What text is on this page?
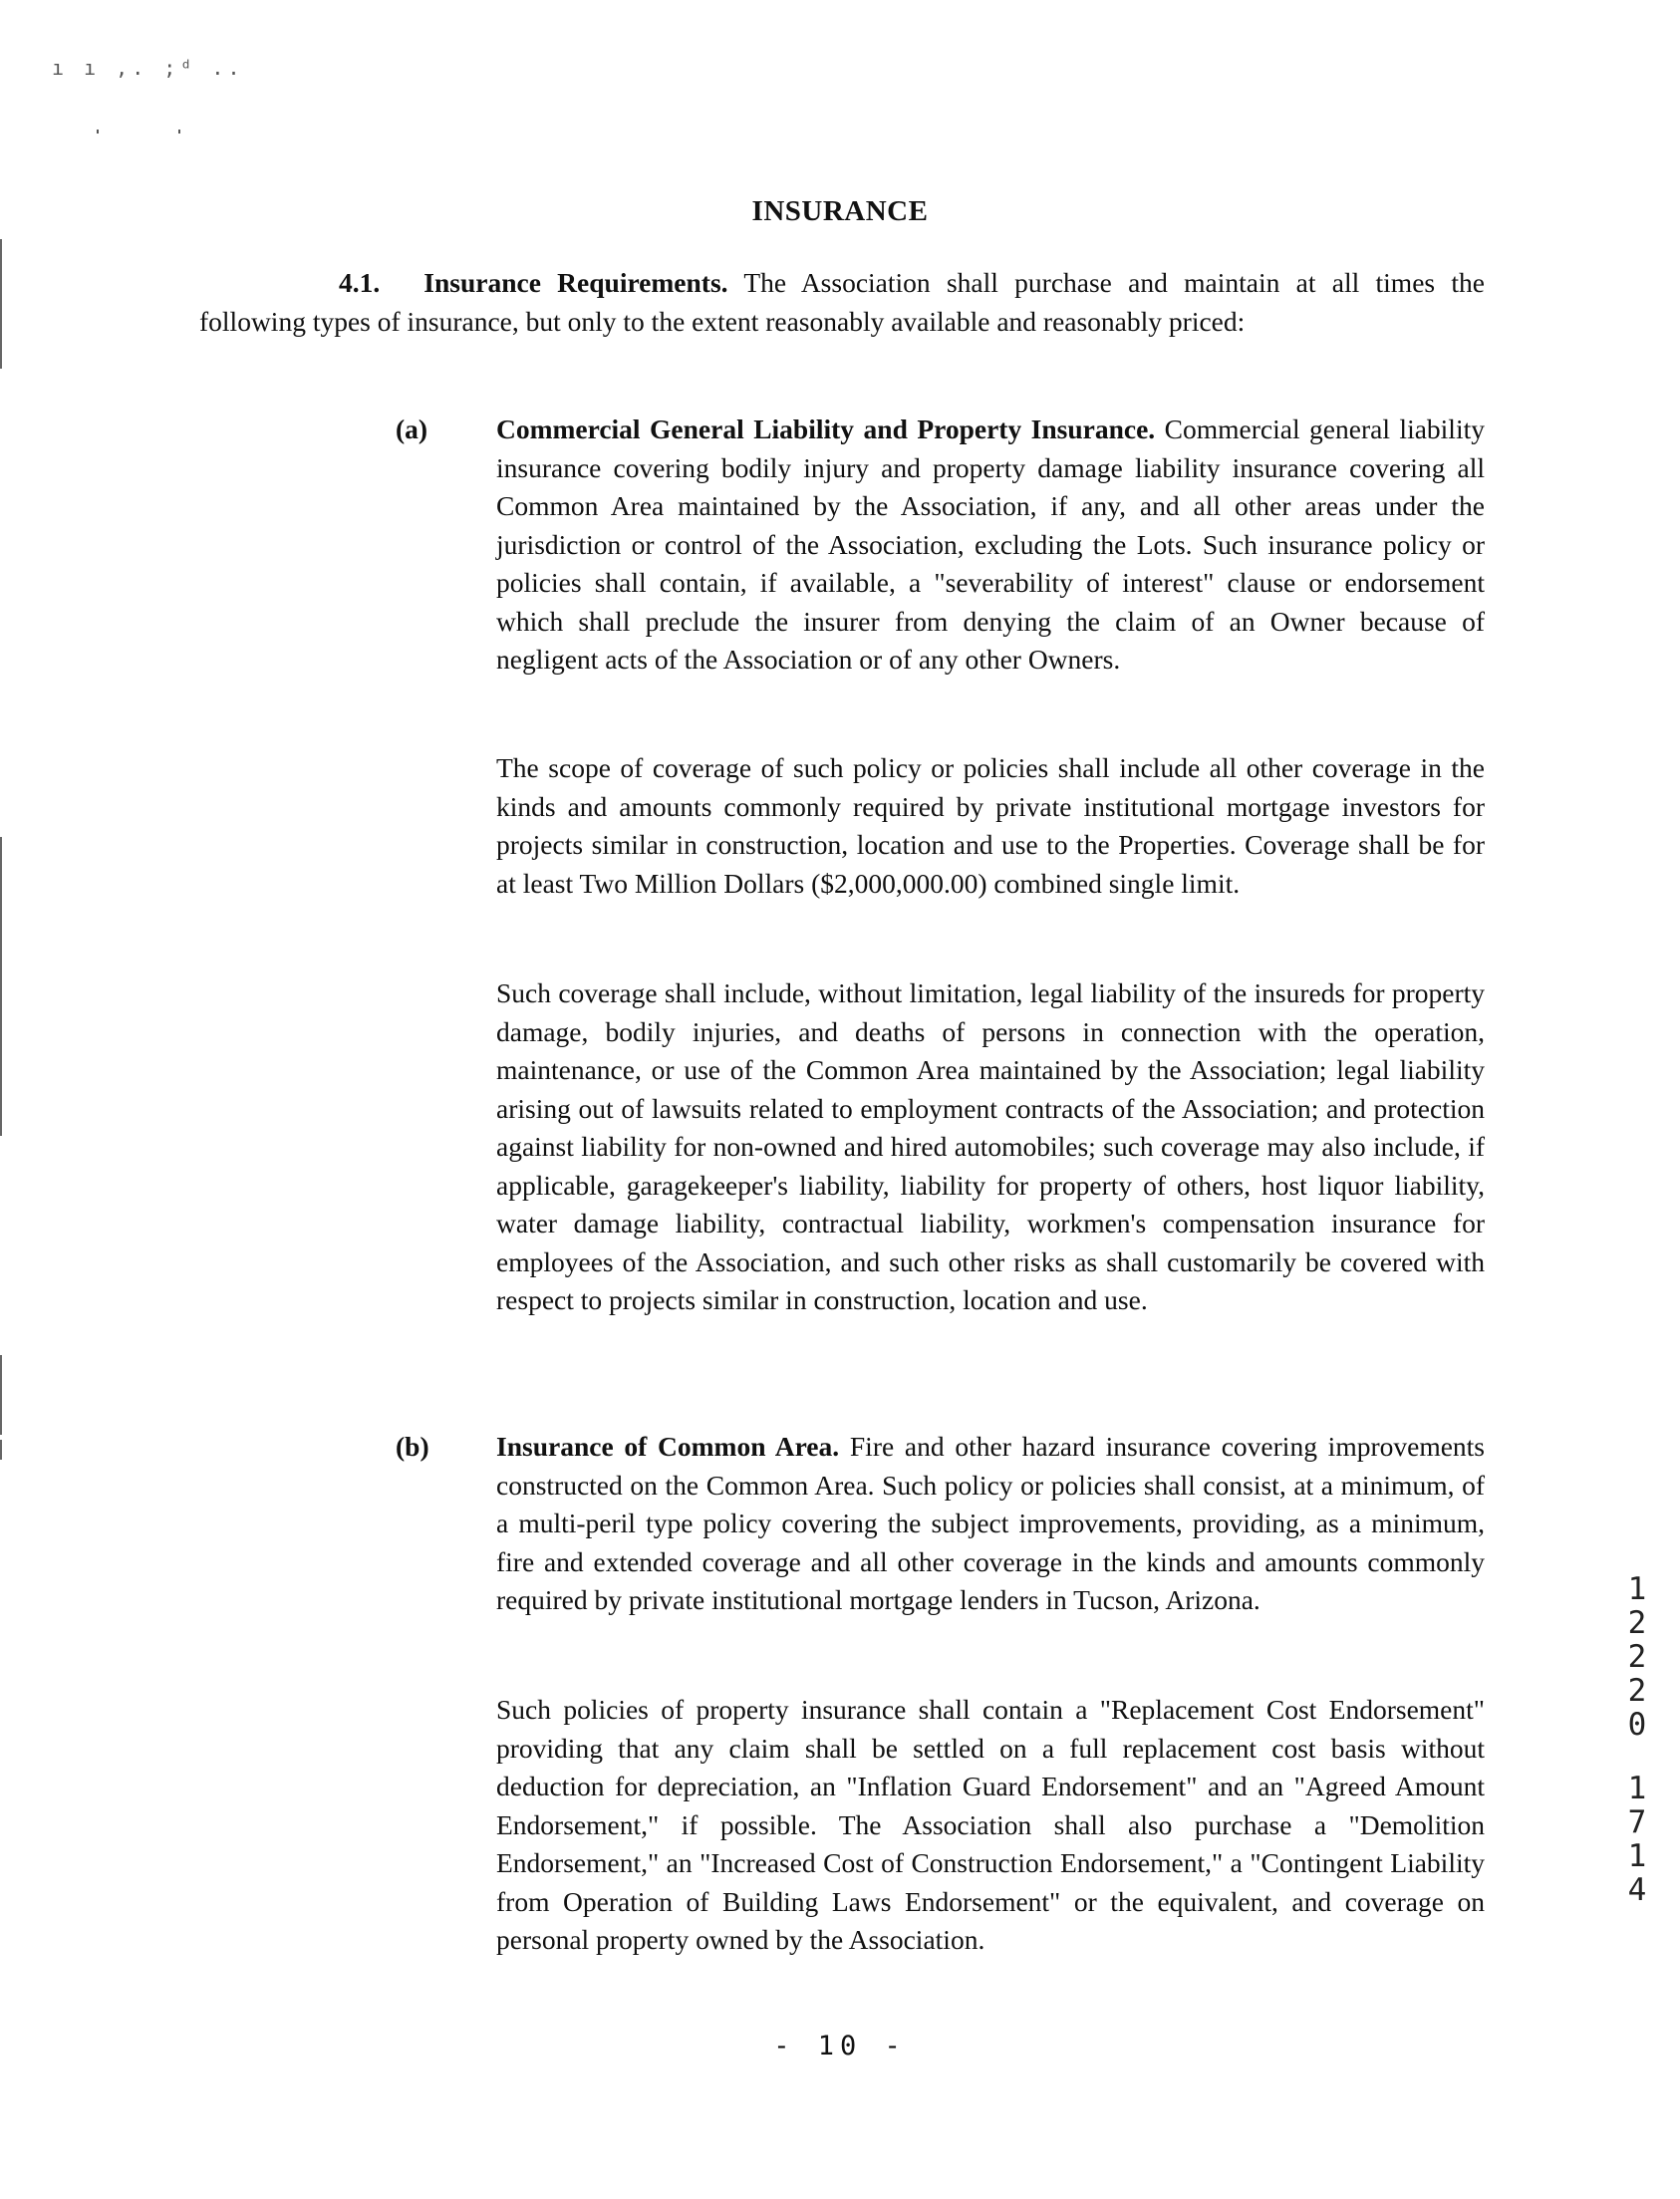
ı ı ,. ;ᵈ ..
INSURANCE

4.1. Insurance Requirements. The Association shall purchase and maintain at all times the following types of insurance, but only to the extent reasonably available and reasonably priced:

(a)	Commercial General Liability and Property Insurance. Commercial general liability insurance covering bodily injury and property damage liability insurance covering all Common Area maintained by the Association, if any, and all other areas under the jurisdiction or control of the Association, excluding the Lots. Such insurance policy or policies shall contain, if available, a "severability of interest" clause or endorsement which shall preclude the insurer from denying the claim of an Owner because of negligent acts of the Association or of any other Owners.

The scope of coverage of such policy or policies shall include all other coverage in the kinds and amounts commonly required by private institutional mortgage investors for projects similar in construction, location and use to the Properties. Coverage shall be for at least Two Million Dollars ($2,000,000.00) combined single limit.

Such coverage shall include, without limitation, legal liability of the insureds for property damage, bodily injuries, and deaths of persons in connection with the operation, maintenance, or use of the Common Area maintained by the Association; legal liability arising out of lawsuits related to employment contracts of the Association; and protection against liability for non-owned and hired automobiles; such coverage may also include, if applicable, garagekeeper's liability, liability for property of others, host liquor liability, water damage liability, contractual liability, workmen's compensation insurance for employees of the Association, and such other risks as shall customarily be covered with respect to projects similar in construction, location and use.

(b) Insurance of Common Area. Fire and other hazard insurance covering improvements constructed on the Common Area. Such policy or policies shall consist, at a minimum, of a multi-peril type policy covering the subject improvements, providing, as a minimum, fire and extended coverage and all other coverage in the kinds and amounts commonly required by private institutional mortgage lenders in Tucson, Arizona.

Such policies of property insurance shall contain a "Replacement Cost Endorsement" providing that any claim shall be settled on a full replacement cost basis without deduction for depreciation, an "Inflation Guard Endorsement" and an "Agreed Amount Endorsement," if possible. The Association shall also purchase a "Demolition Endorsement," an "Increased Cost of Construction Endorsement," a "Contingent Liability from Operation of Building Laws Endorsement" or the equivalent, and coverage on personal property owned by the Association.

1
2
2
2
0
1
7
1
4
- 10 -
